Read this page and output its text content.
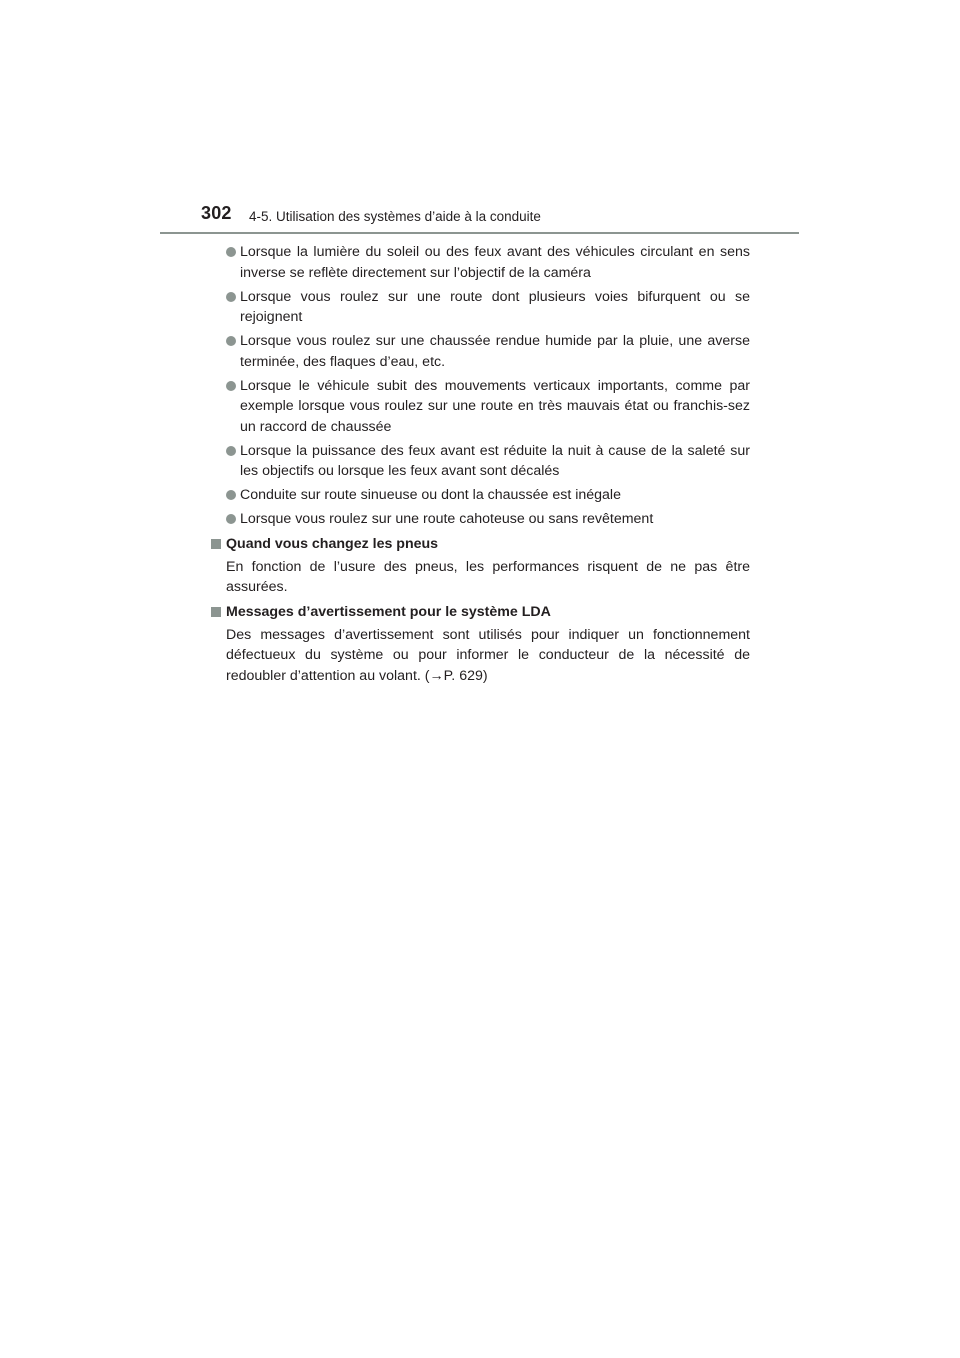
302 4-5. Utilisation des systèmes d’aide à la conduite
Lorsque la lumière du soleil ou des feux avant des véhicules circulant en sens inverse se reflète directement sur l’objectif de la caméra
Lorsque vous roulez sur une route dont plusieurs voies bifurquent ou se rejoignent
Lorsque vous roulez sur une chaussée rendue humide par la pluie, une averse terminée, des flaques d’eau, etc.
Lorsque le véhicule subit des mouvements verticaux importants, comme par exemple lorsque vous roulez sur une route en très mauvais état ou franchis-sez un raccord de chaussée
Lorsque la puissance des feux avant est réduite la nuit à cause de la saleté sur les objectifs ou lorsque les feux avant sont décalés
Conduite sur route sinueuse ou dont la chaussée est inégale
Lorsque vous roulez sur une route cahoteuse ou sans revêtement
Quand vous changez les pneus
En fonction de l’usure des pneus, les performances risquent de ne pas être assurées.
Messages d’avertissement pour le système LDA
Des messages d’avertissement sont utilisés pour indiquer un fonctionnement défectueux du système ou pour informer le conducteur de la nécessité de redoubler d’attention au volant. (→P. 629)
